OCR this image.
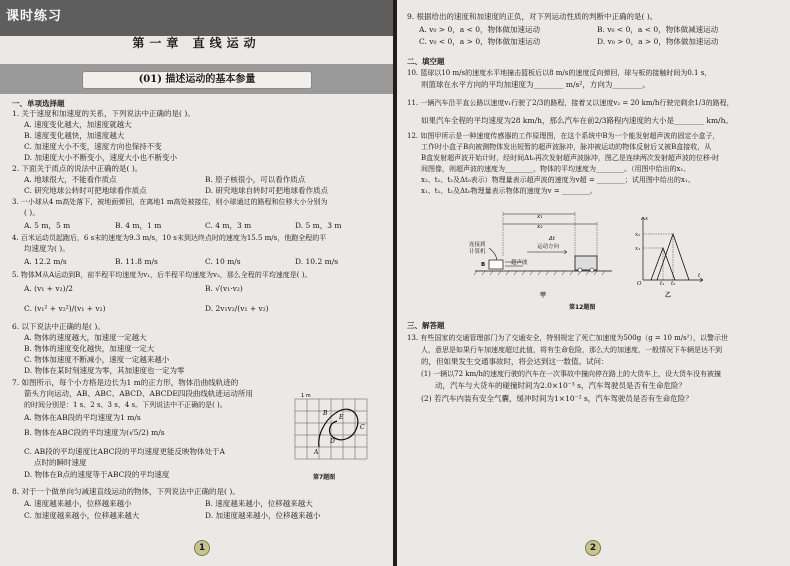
课时练习
第一章 直线运动
(01) 描述运动的基本参量
一、单项选择题
1. 关于速度和加速度的关系，下列说法中正确的是( )。
A. 速度变化越大，加速度就越大
B. 速度变化越快，加速度越大
C. 加速度大小不变，速度方向也保持不变
D. 加速度大小不断变小，速度大小也不断变小
2. 下面关于质点的说法中正确的是( )。
A. 地球很大，不能看作质点	B. 原子核很小，可以看作质点
C. 研究地球公转时可把地球看作质点	D. 研究地球自转时可把地球看作质点
3. 一小球从4 m高处落下，被地面弹回，在离地1 m高处被接住，则小球通过的路程和位移大小分别为
( )。
A. 5 m，5 m	B. 4 m，1 m	C. 4 m，3 m	D. 5 m，3 m
4. 百米运动员起跑后，6 s末的速度为9.3 m/s，10 s末到达终点时的速度为15.5 m/s，他跑全程的平
均速度为( )。
A. 12.2 m/s	B. 11.8 m/s	C. 10 m/s	D. 10.2 m/s
5. 物体M从A运动到B，前半程平均速度为v₁，后半程平均速度为v₂，那么全程的平均速度是( )。
A. (v₁ + v₂)/2	B. √(v₁·v₂)
C. (v₁² + v₂²)/(v₁ + v₂)	D. 2v₁v₂/(v₁ + v₂)
6. 以下说法中正确的是( )。
A. 物体的速度越大，加速度一定越大
B. 物体的速度变化越快，加速度一定大
C. 物体加速度不断减小，速度一定越来越小
D. 物体在某时刻速度为零，其加速度也一定为零
7. 如图所示，每个小方格是边长为1 m的正方形，物体沿曲线轨迹的
箭头方向运动，AB、ABC、ABCD、ABCDE四段曲线轨迹运动所用
的时间分别是：1 s、2 s、3 s、4 s。下列说法中不正确的是( )。
A. 物体在AB段的平均速度为1 m/s
B. 物体在ABC段的平均速度为(√5/2) m/s
C. AB段的平均速度比ABC段的平均速度更能反映物体处于A
点时的瞬时速度
D. 物体在B点的速度等于ABC段的平均速度
8. 对于一个做单向匀减速直线运动的物体，下列说法中正确的是( )。
A. 速度越来越小，位移越来越小	B. 速度越来越小，位移越来越大
C. 加速度越来越小，位移越来越大	D. 加速度越来越小，位移越来越小
1 m
A
B
C
D
E
第7题图
1
9. 根据给出的速度和加速度的正负，对下列运动性质的判断中正确的是( )。
A. v₀ > 0，a < 0，物体做加速运动	B. v₀ < 0，a < 0，物体做减速运动
C. v₀ < 0，a > 0，物体做加速运动	D. v₀ > 0，a > 0，物体做加速运动
二、填空题
10. 篮球以10 m/s的速度水平地撞击篮板后以8 m/s的速度反向弹回，球与板的接触时间为0.1 s，
则篮球在水平方向的平均加速度为________ m/s²，方向为________。
11. 一辆汽车沿平直公路以速度v₁行驶了2/3的路程，接着又以速度v₂ = 20 km/h行驶完剩余1/3的路程，
如果汽车全程的平均速度为28 km/h，那么汽车在前2/3路程内速度的大小是________ km/h。
12. 如图甲所示是一种速度传感器的工作原理图，在这个系统中B为一个能发射超声波的固定小盒子，
工作时小盒子B向被测物体发出短暂的超声波脉冲，脉冲被运动的物体反射后又被B盒接收，从
B盒发射超声波开始计时，经时间Δt₀再次发射超声波脉冲，图乙是连续两次发射超声波的位移-时
间图像，则超声波的速度为________，物体的平均速度为________。（用图中给出的x₁、
x₂、t₁、t₂及Δt₀表示）物理量表示超声波的速度为v超 = ________；试用图中给出的x₁、
x₁、t₁、t₂及Δt₀物理量表示物体的速度为v = ________。
连接到
计算机
超声波
运动方向
Δt
x₁
x₂
B
甲
x
O	t₁ t₂
t
x₁
x₂
乙
第12题图
三、解答题
13. 有些国家的交通管理部门为了交通安全，特别规定了死亡加速度为500g（g = 10 m/s²），以警示世
人，意思是如果行车加速度超过此值，将有生命危险，那么大的加速度，一般情况下车辆是达不到
的，但如果发生交通事故时，将会达到这一数值。试问：
(1) 一辆以72 km/h的速度行驶的汽车在一次事故中撞向停在路上的大货车上，设大货车没有被撞
动，汽车与大货车的碰撞时间为2.0×10⁻³ s，汽车驾驶员是否有生命危险？
(2) 若汽车内装有安全气囊，缓冲时间为1×10⁻² s，汽车驾驶员是否有生命危险？
2
